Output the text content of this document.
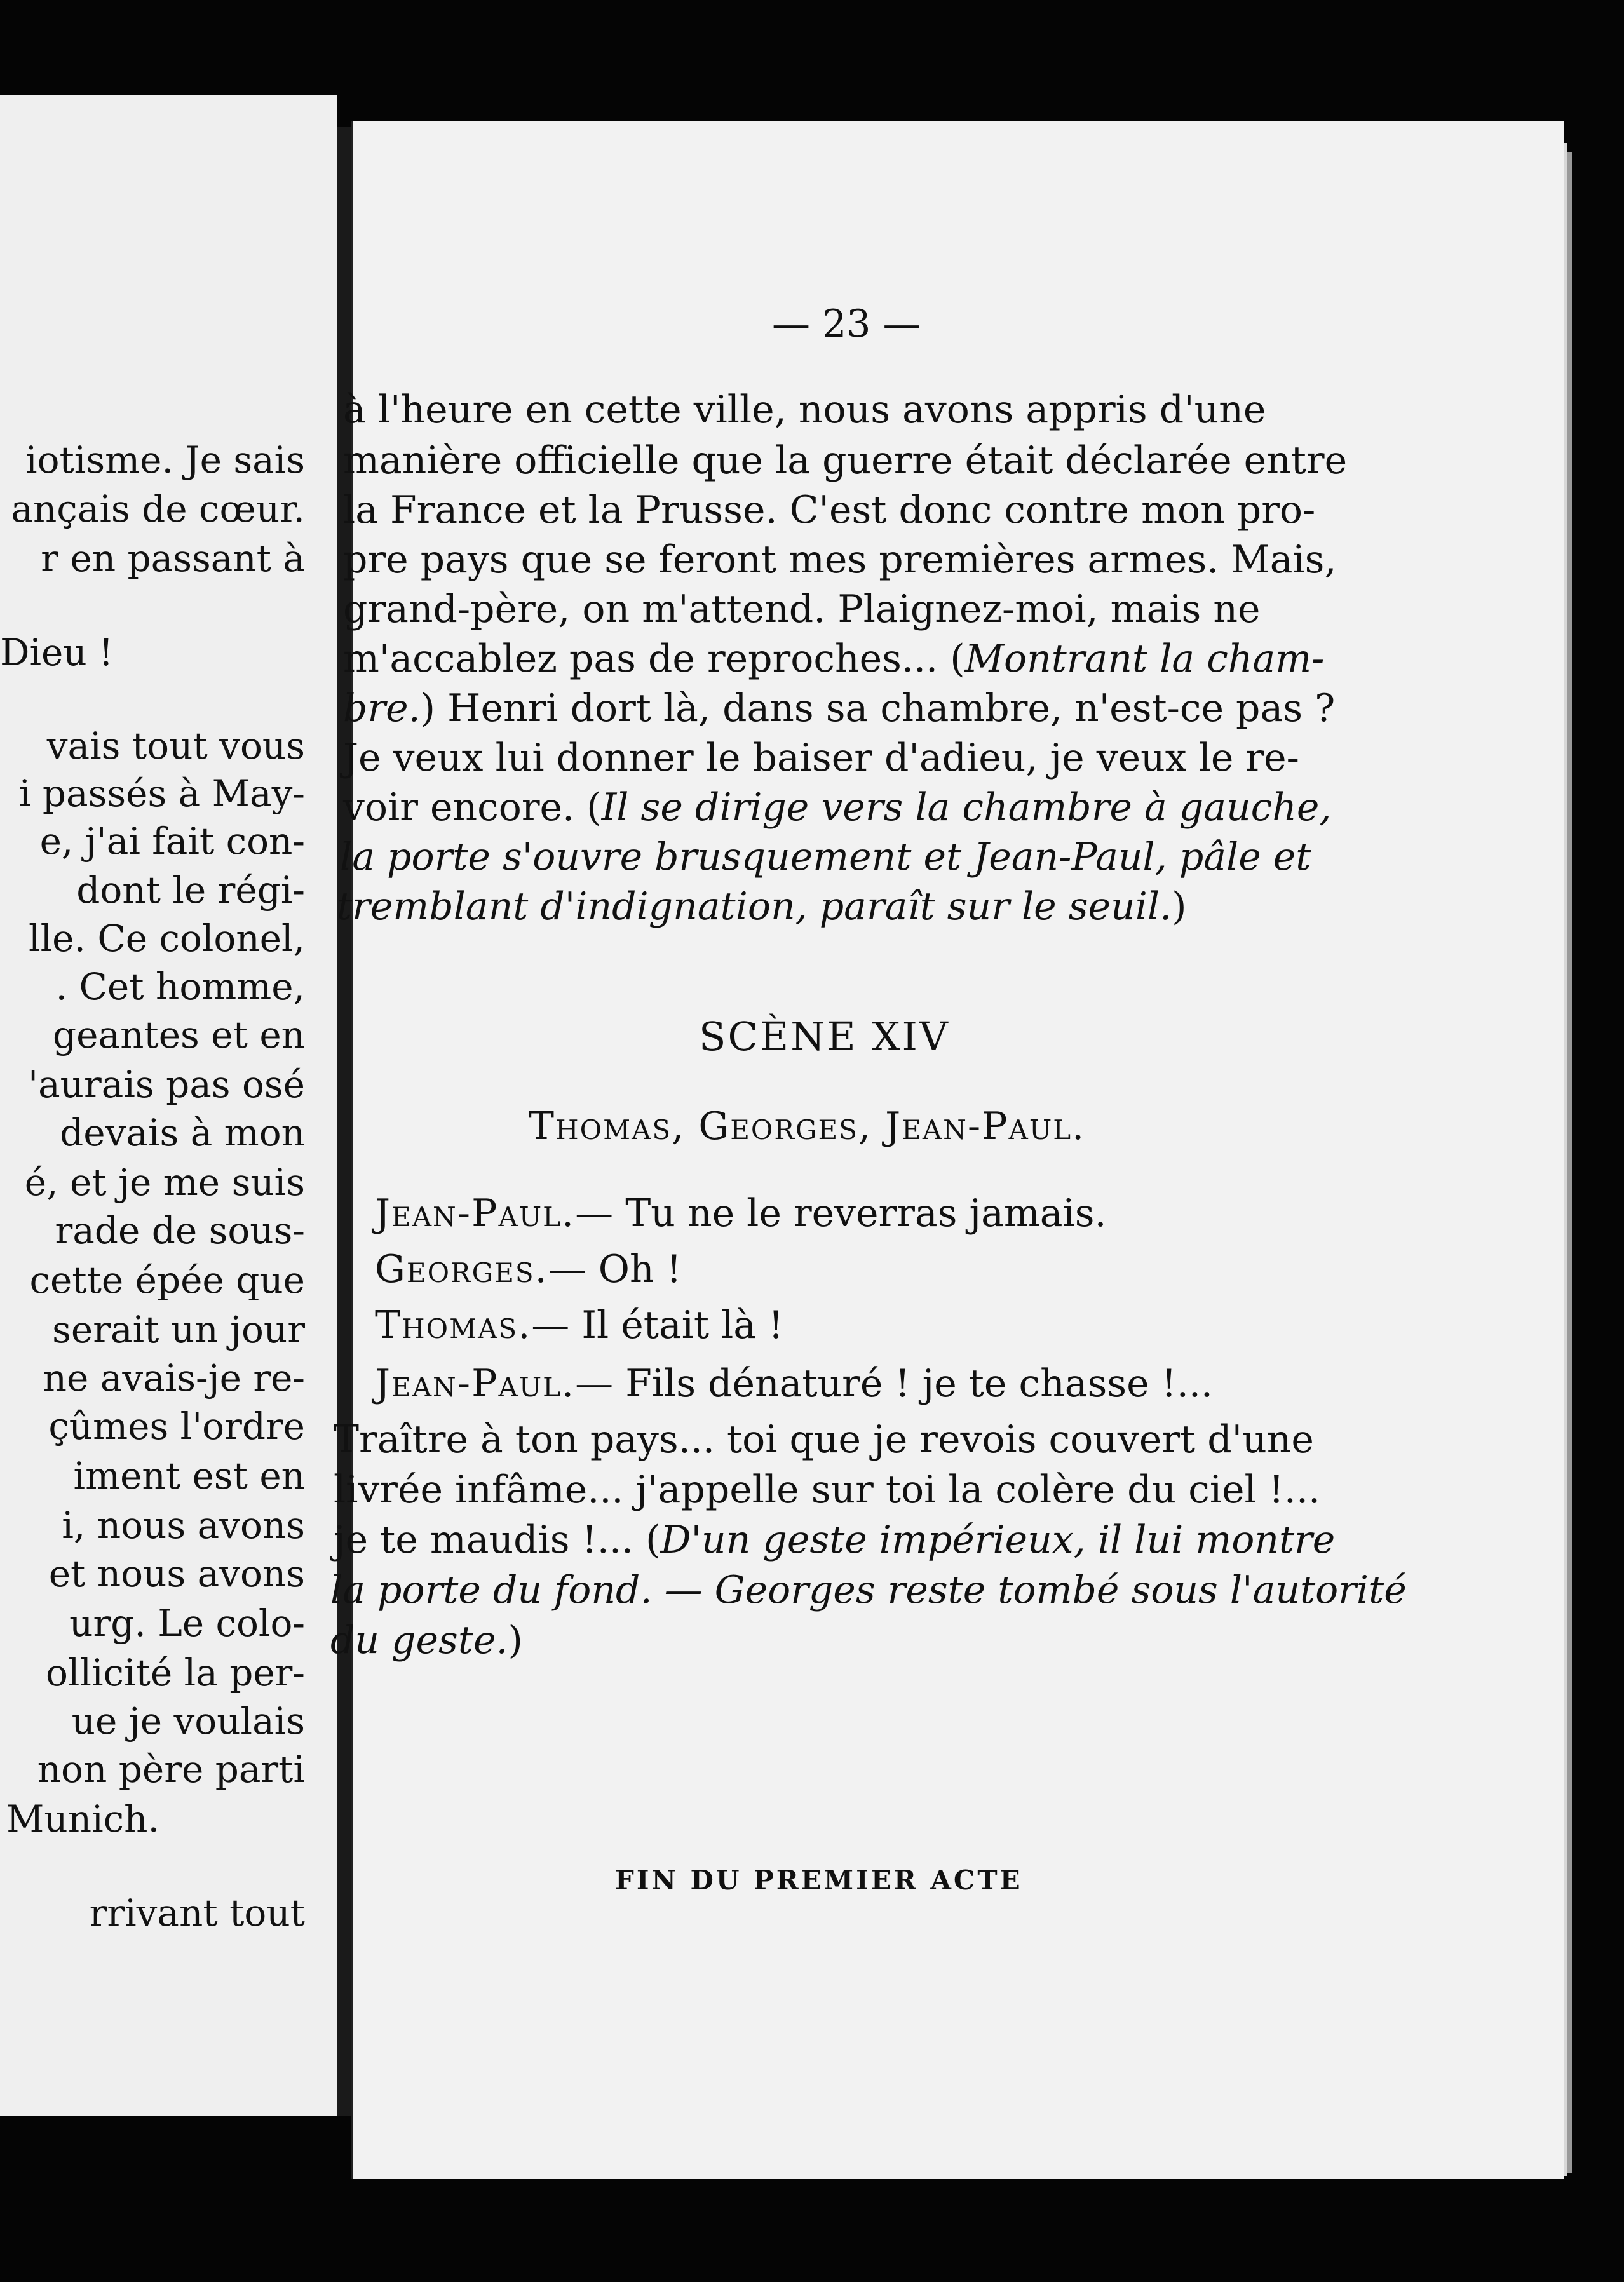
iotisme. Je sais
ançais de cœur.
r en passant à
Dieu !
vais tout vous
i passés à May-
e, j'ai fait con-
dont le régi-
lle. Ce colonel,
. Cet homme,
geantes et en
'aurais pas osé
devais à mon
é, et je me suis
rade de sous-
cette épée que
serait un jour
ne avais-je re-
çûmes l'ordre
iment est en
i, nous avons
et nous avons
urg. Le colo-
ollicité la per-
ue je voulais
non père parti
Munich.
rrivant tout
— 23 —
à l'heure en cette ville, nous avons appris d'une
manière officielle que la guerre était déclarée entre
la France et la Prusse. C'est donc contre mon pro-
pre pays que se feront mes premières armes. Mais,
grand-père, on m'attend. Plaignez-moi, mais ne
m'accablez pas de reproches... (Montrant la cham-
bre.) Henri dort là, dans sa chambre, n'est-ce pas ?
Je veux lui donner le baiser d'adieu, je veux le re-
voir encore. (Il se dirige vers la chambre à gauche,
la porte s'ouvre brusquement et Jean-Paul, pâle et
tremblant d'indignation, paraît sur le seuil.)
SCÈNE XIV
Thomas, Georges, Jean-Paul.
Jean-Paul.— Tu ne le reverras jamais.
Georges.— Oh !
Thomas.— Il était là !
Jean-Paul.— Fils dénaturé ! je te chasse !...
Traître à ton pays... toi que je revois couvert d'une
livrée infâme... j'appelle sur toi la colère du ciel !...
je te maudis !... (D'un geste impérieux, il lui montre
la porte du fond. — Georges reste tombé sous l'autorité
du geste.)
FIN DU PREMIER ACTE
